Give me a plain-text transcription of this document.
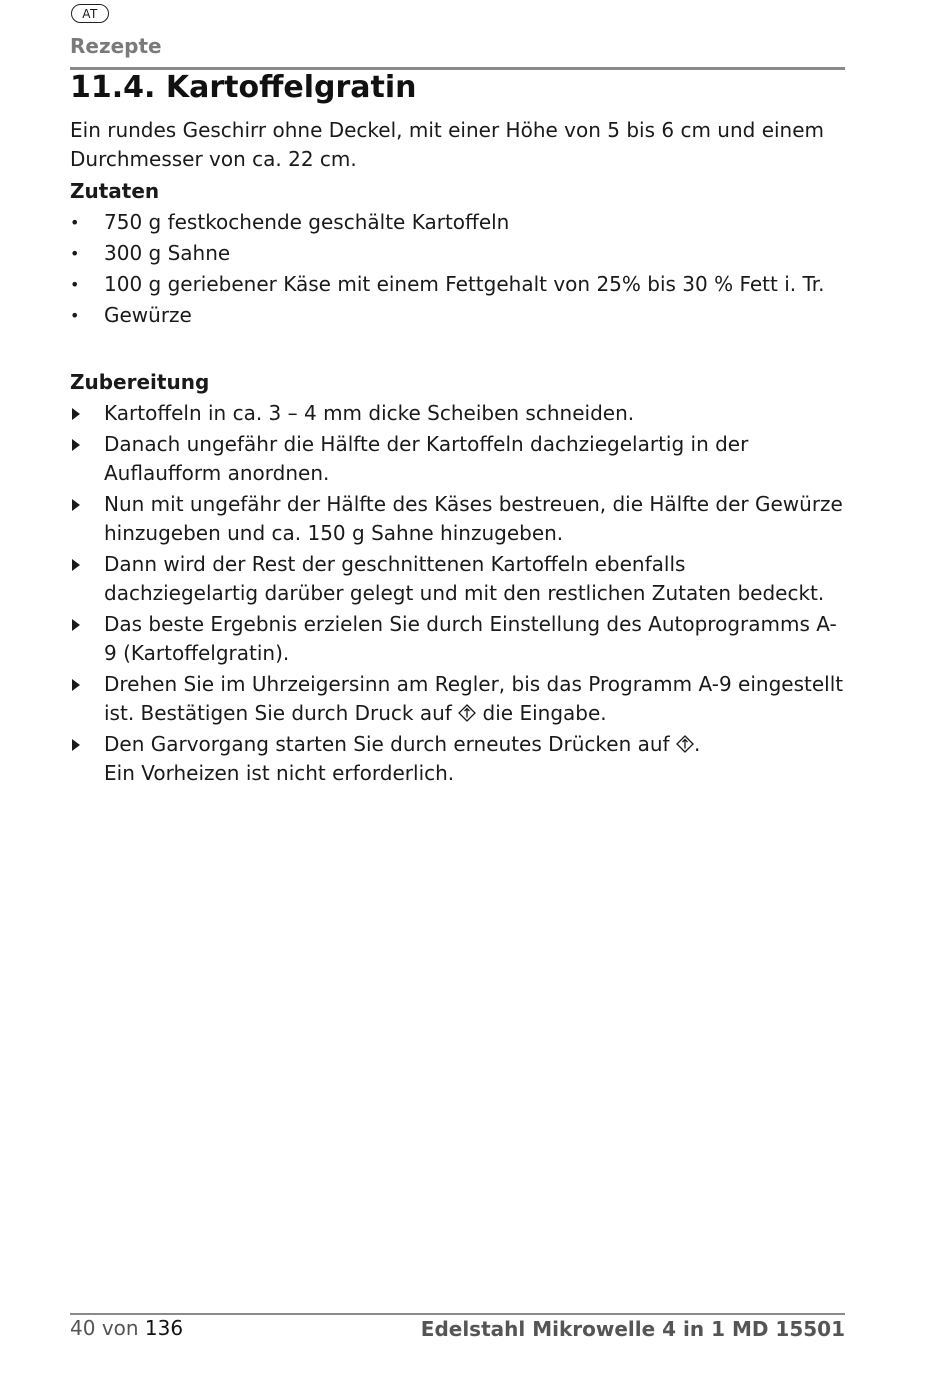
AT
Rezepte
11.4. Kartoffelgratin

Ein rundes Geschirr ohne Deckel, mit einer Höhe von 5 bis 6 cm und einem Durchmesser von ca. 22 cm.

Zutaten
• 750 g festkochende geschälte Kartoffeln
• 300 g Sahne
• 100 g geriebener Käse mit einem Fettgehalt von 25% bis 30 % Fett i. Tr.
• Gewürze
Zubereitung
Kartoffeln in ca. 3 – 4 mm dicke Scheiben schneiden.
Danach ungefähr die Hälfte der Kartoffeln dachziegelartig in der Auflaufform anordnen.
Nun mit ungefähr der Hälfte des Käses bestreuen, die Hälfte der Gewürze hinzugeben und ca. 150 g Sahne hinzugeben.
Dann wird der Rest der geschnittenen Kartoffeln ebenfalls dachziegelartig darüber gelegt und mit den restlichen Zutaten bedeckt.
Das beste Ergebnis erzielen Sie durch Einstellung des Autoprogramms A-9 (Kartoffelgratin).
Drehen Sie im Uhrzeigersinn am Regler, bis das Programm A-9 eingestellt ist. Bestätigen Sie durch Druck auf  die Eingabe.
Den Garvorgang starten Sie durch erneutes Drücken auf .
Ein Vorheizen ist nicht erforderlich.
40 von 136	Edelstahl Mikrowelle 4 in 1 MD 15501
